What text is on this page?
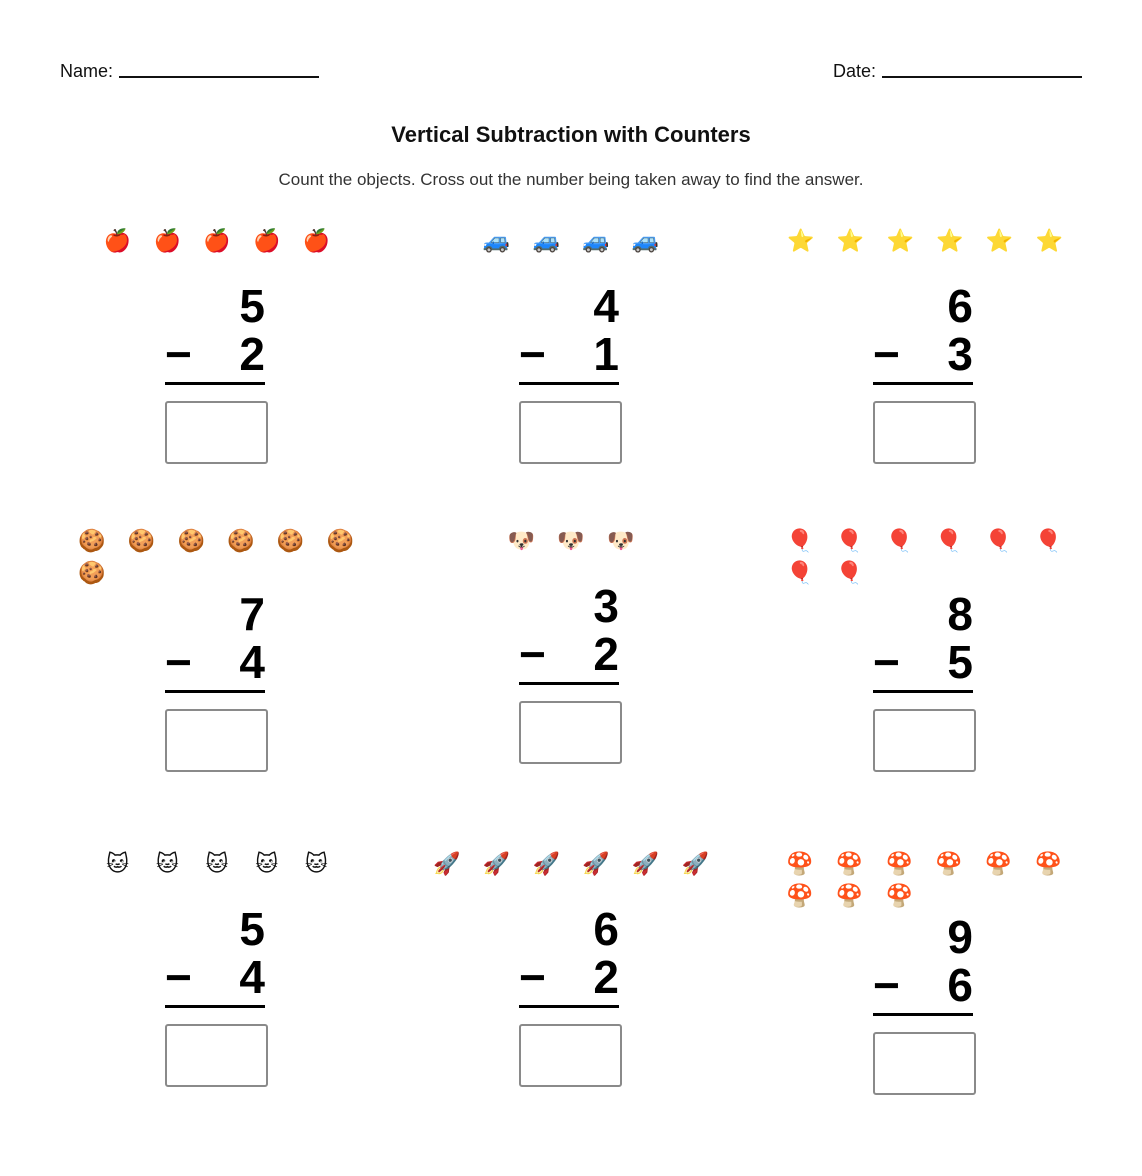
Name:	Date:
Vertical Subtraction with Counters

Count the objects. Cross out the number being taken away to find the answer.

🍎	🍎	🍎	🍎	🍎
5
− 2
🚙	🚙	🚙	🚙
4
− 1
⭐	⭐	⭐	⭐	⭐	⭐
6
− 3
🍪	🍪	🍪	🍪	🍪	🍪
🍪
7
− 4
🐶	🐶	🐶
3
− 2
🎈	🎈	🎈	🎈	🎈	🎈
🎈	🎈
8
− 5
🐱	🐱	🐱	🐱	🐱
5
− 4
🚀	🚀	🚀	🚀	🚀	🚀
6
− 2
🍄	🍄	🍄	🍄	🍄	🍄
🍄	🍄	🍄
9
− 6
